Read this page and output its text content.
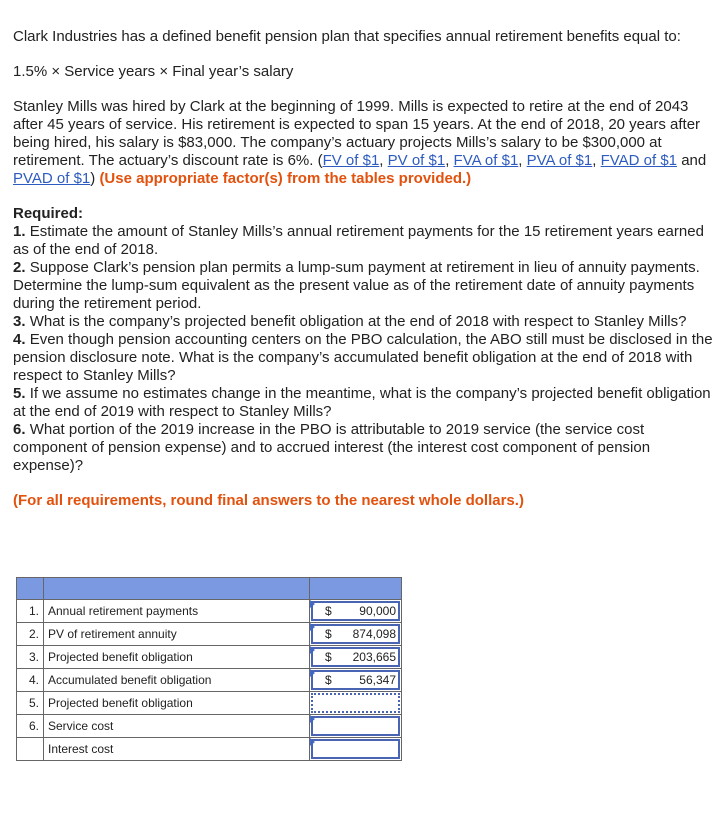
Clark Industries has a defined benefit pension plan that specifies annual retirement benefits equal to:

1.5% × Service years × Final year’s salary

Stanley Mills was hired by Clark at the beginning of 1999. Mills is expected to retire at the end of 2043 after 45 years of service. His retirement is expected to span 15 years. At the end of 2018, 20 years after being hired, his salary is $83,000. The company’s actuary projects Mills’s salary to be $300,000 at retirement. The actuary’s discount rate is 6%. (FV of $1, PV of $1, FVA of $1, PVA of $1, FVAD of $1 and PVAD of $1) (Use appropriate factor(s) from the tables provided.)

Required:

1. Estimate the amount of Stanley Mills’s annual retirement payments for the 15 retirement years earned as of the end of 2018.

2. Suppose Clark’s pension plan permits a lump-sum payment at retirement in lieu of annuity payments. Determine the lump-sum equivalent as the present value as of the retirement date of annuity payments during the retirement period.

3. What is the company’s projected benefit obligation at the end of 2018 with respect to Stanley Mills?

4. Even though pension accounting centers on the PBO calculation, the ABO still must be disclosed in the pension disclosure note. What is the company’s accumulated benefit obligation at the end of 2018 with respect to Stanley Mills?

5. If we assume no estimates change in the meantime, what is the company’s projected benefit obligation at the end of 2019 with respect to Stanley Mills?

6. What portion of the 2019 increase in the PBO is attributable to 2019 service (the service cost component of pension expense) and to accrued interest (the interest cost component of pension expense)?

(For all requirements, round final answers to the nearest whole dollars.)

1.	Annual retirement payments	$ 90,000

2.	PV of retirement annuity	$ 874,098

3.	Projected benefit obligation	$ 203,665

4.	Accumulated benefit obligation	$ 56,347

5.	Projected benefit obligation	

6.	Service cost	

	Interest cost	
